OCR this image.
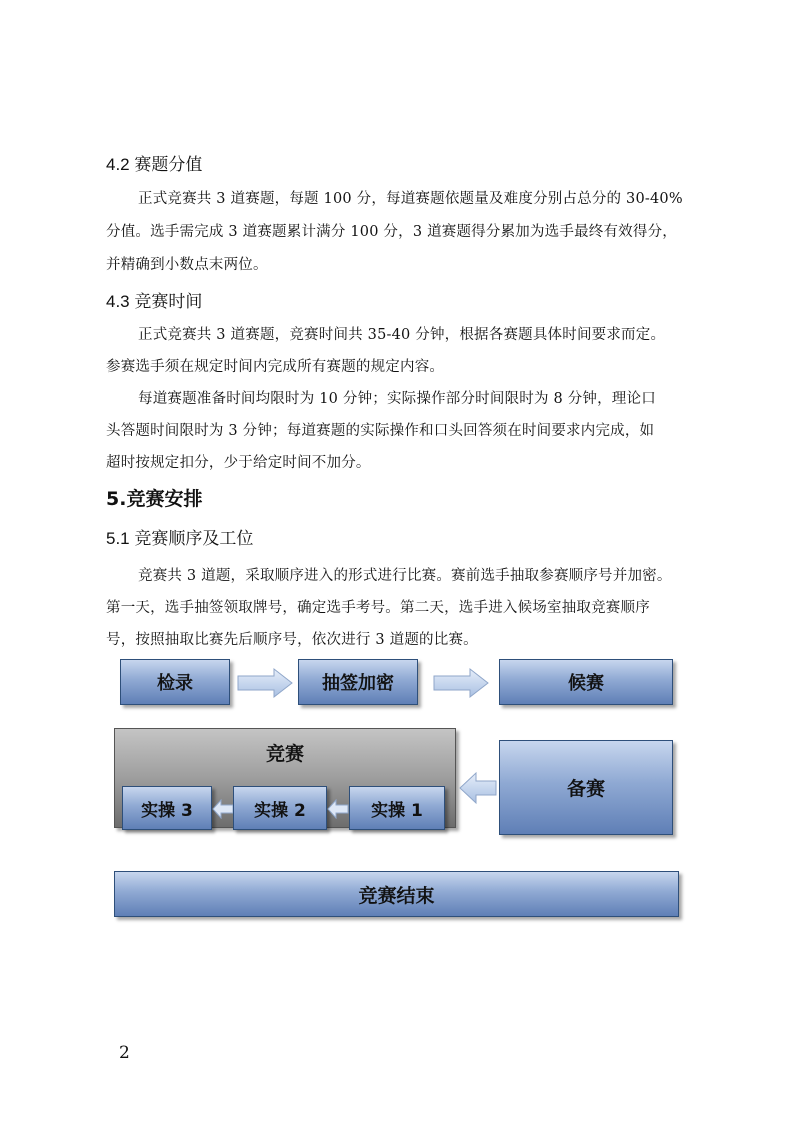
4.2 赛题分值
正式竞赛共 3 道赛题，每题 100 分，每道赛题依题量及难度分别占总分的 30-40%
分值。选手需完成 3 道赛题累计满分 100 分，3 道赛题得分累加为选手最终有效得分，
并精确到小数点末两位。
4.3 竞赛时间
正式竞赛共 3 道赛题，竞赛时间共 35-40 分钟，根据各赛题具体时间要求而定。
参赛选手须在规定时间内完成所有赛题的规定内容。
每道赛题准备时间均限时为 10 分钟；实际操作部分时间限时为 8 分钟，理论口
头答题时间限时为 3 分钟；每道赛题的实际操作和口头回答须在时间要求内完成，如
超时按规定扣分，少于给定时间不加分。
5.竞赛安排
5.1 竞赛顺序及工位
竞赛共 3 道题，采取顺序进入的形式进行比赛。赛前选手抽取参赛顺序号并加密。
第一天，选手抽签领取牌号，确定选手考号。第二天，选手进入候场室抽取竞赛顺序
号，按照抽取比赛先后顺序号，依次进行 3 道题的比赛。
检录	抽签加密	候赛
竞赛
实操 3	实操 2	实操 1
备赛
竞赛结束
2
